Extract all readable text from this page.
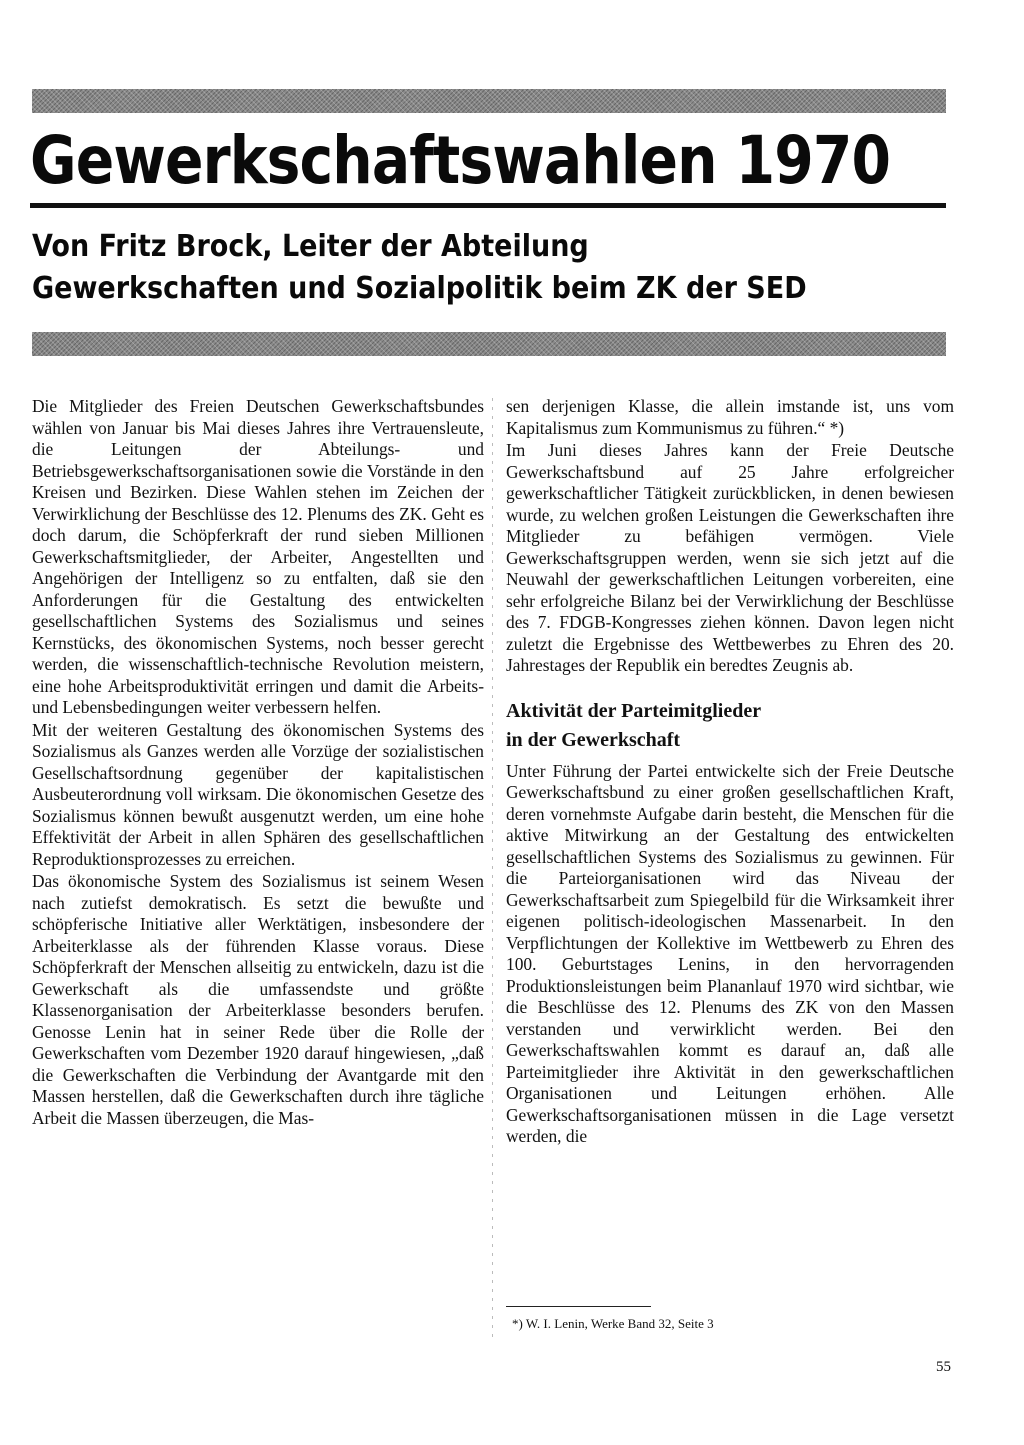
Gewerkschaftswahlen 1970
Von Fritz Brock, Leiter der Abteilung
Gewerkschaften und Sozialpolitik beim ZK der SED

Die Mitglieder des Freien Deutschen Gewerkschaftsbundes wählen von Januar bis Mai dieses Jahres ihre Vertrauensleute, die Leitungen der Abteilungs- und Betriebsgewerkschaftsorganisationen sowie die Vorstände in den Kreisen und Bezirken. Diese Wahlen stehen im Zeichen der Verwirklichung der Beschlüsse des 12. Plenums des ZK. Geht es doch darum, die Schöpferkraft der rund sieben Millionen Gewerkschaftsmitglieder, der Arbeiter, Angestellten und Angehörigen der Intelligenz so zu entfalten, daß sie den Anforderungen für die Gestaltung des entwickelten gesellschaftlichen Systems des Sozialismus und seines Kernstücks, des ökonomischen Systems, noch besser gerecht werden, die wissenschaftlich-technische Revolution meistern, eine hohe Arbeitsproduktivität erringen und damit die Arbeits- und Lebensbedingungen weiter verbessern helfen.

Mit der weiteren Gestaltung des ökonomischen Systems des Sozialismus als Ganzes werden alle Vorzüge der sozialistischen Gesellschaftsordnung gegenüber der kapitalistischen Ausbeuterordnung voll wirksam. Die ökonomischen Gesetze des Sozialismus können bewußt ausgenutzt werden, um eine hohe Effektivität der Arbeit in allen Sphären des gesellschaftlichen Reproduktionsprozesses zu erreichen.

Das ökonomische System des Sozialismus ist seinem Wesen nach zutiefst demokratisch. Es setzt die bewußte und schöpferische Initiative aller Werktätigen, insbesondere der Arbeiterklasse als der führenden Klasse voraus. Diese Schöpferkraft der Menschen allseitig zu entwickeln, dazu ist die Gewerkschaft als die umfassendste und größte Klassenorganisation der Arbeiterklasse besonders berufen. Genosse Lenin hat in seiner Rede über die Rolle der Gewerkschaften vom Dezember 1920 darauf hingewiesen, „daß die Gewerkschaften die Verbindung der Avantgarde mit den Massen herstellen, daß die Gewerkschaften durch ihre tägliche Arbeit die Massen überzeugen, die Mas-

sen derjenigen Klasse, die allein imstande ist, uns vom Kapitalismus zum Kommunismus zu führen.“ *)

Im Juni dieses Jahres kann der Freie Deutsche Gewerkschaftsbund auf 25 Jahre erfolgreicher gewerkschaftlicher Tätigkeit zurückblicken, in denen bewiesen wurde, zu welchen großen Leistungen die Gewerkschaften ihre Mitglieder zu befähigen vermögen. Viele Gewerkschaftsgruppen werden, wenn sie sich jetzt auf die Neuwahl der gewerkschaftlichen Leitungen vorbereiten, eine sehr erfolgreiche Bilanz bei der Verwirklichung der Beschlüsse des 7. FDGB-Kongresses ziehen können. Davon legen nicht zuletzt die Ergebnisse des Wettbewerbes zu Ehren des 20. Jahrestages der Republik ein beredtes Zeugnis ab.

Aktivität der Parteimitglieder
in der Gewerkschaft

Unter Führung der Partei entwickelte sich der Freie Deutsche Gewerkschaftsbund zu einer großen gesellschaftlichen Kraft, deren vornehmste Aufgabe darin besteht, die Menschen für die aktive Mitwirkung an der Gestaltung des entwickelten gesellschaftlichen Systems des Sozialismus zu gewinnen. Für die Parteiorganisationen wird das Niveau der Gewerkschaftsarbeit zum Spiegelbild für die Wirksamkeit ihrer eigenen politisch-ideologischen Massenarbeit. In den Verpflichtungen der Kollektive im Wettbewerb zu Ehren des 100. Geburtstages Lenins, in den hervorragenden Produktionsleistungen beim Plananlauf 1970 wird sichtbar, wie die Beschlüsse des 12. Plenums des ZK von den Massen verstanden und verwirklicht werden. Bei den Gewerkschaftswahlen kommt es darauf an, daß alle Parteimitglieder ihre Aktivität in den gewerkschaftlichen Organisationen und Leitungen erhöhen. Alle Gewerkschaftsorganisationen müssen in die Lage versetzt werden, die

*) W. I. Lenin, Werke Band 32, Seite 3
55
